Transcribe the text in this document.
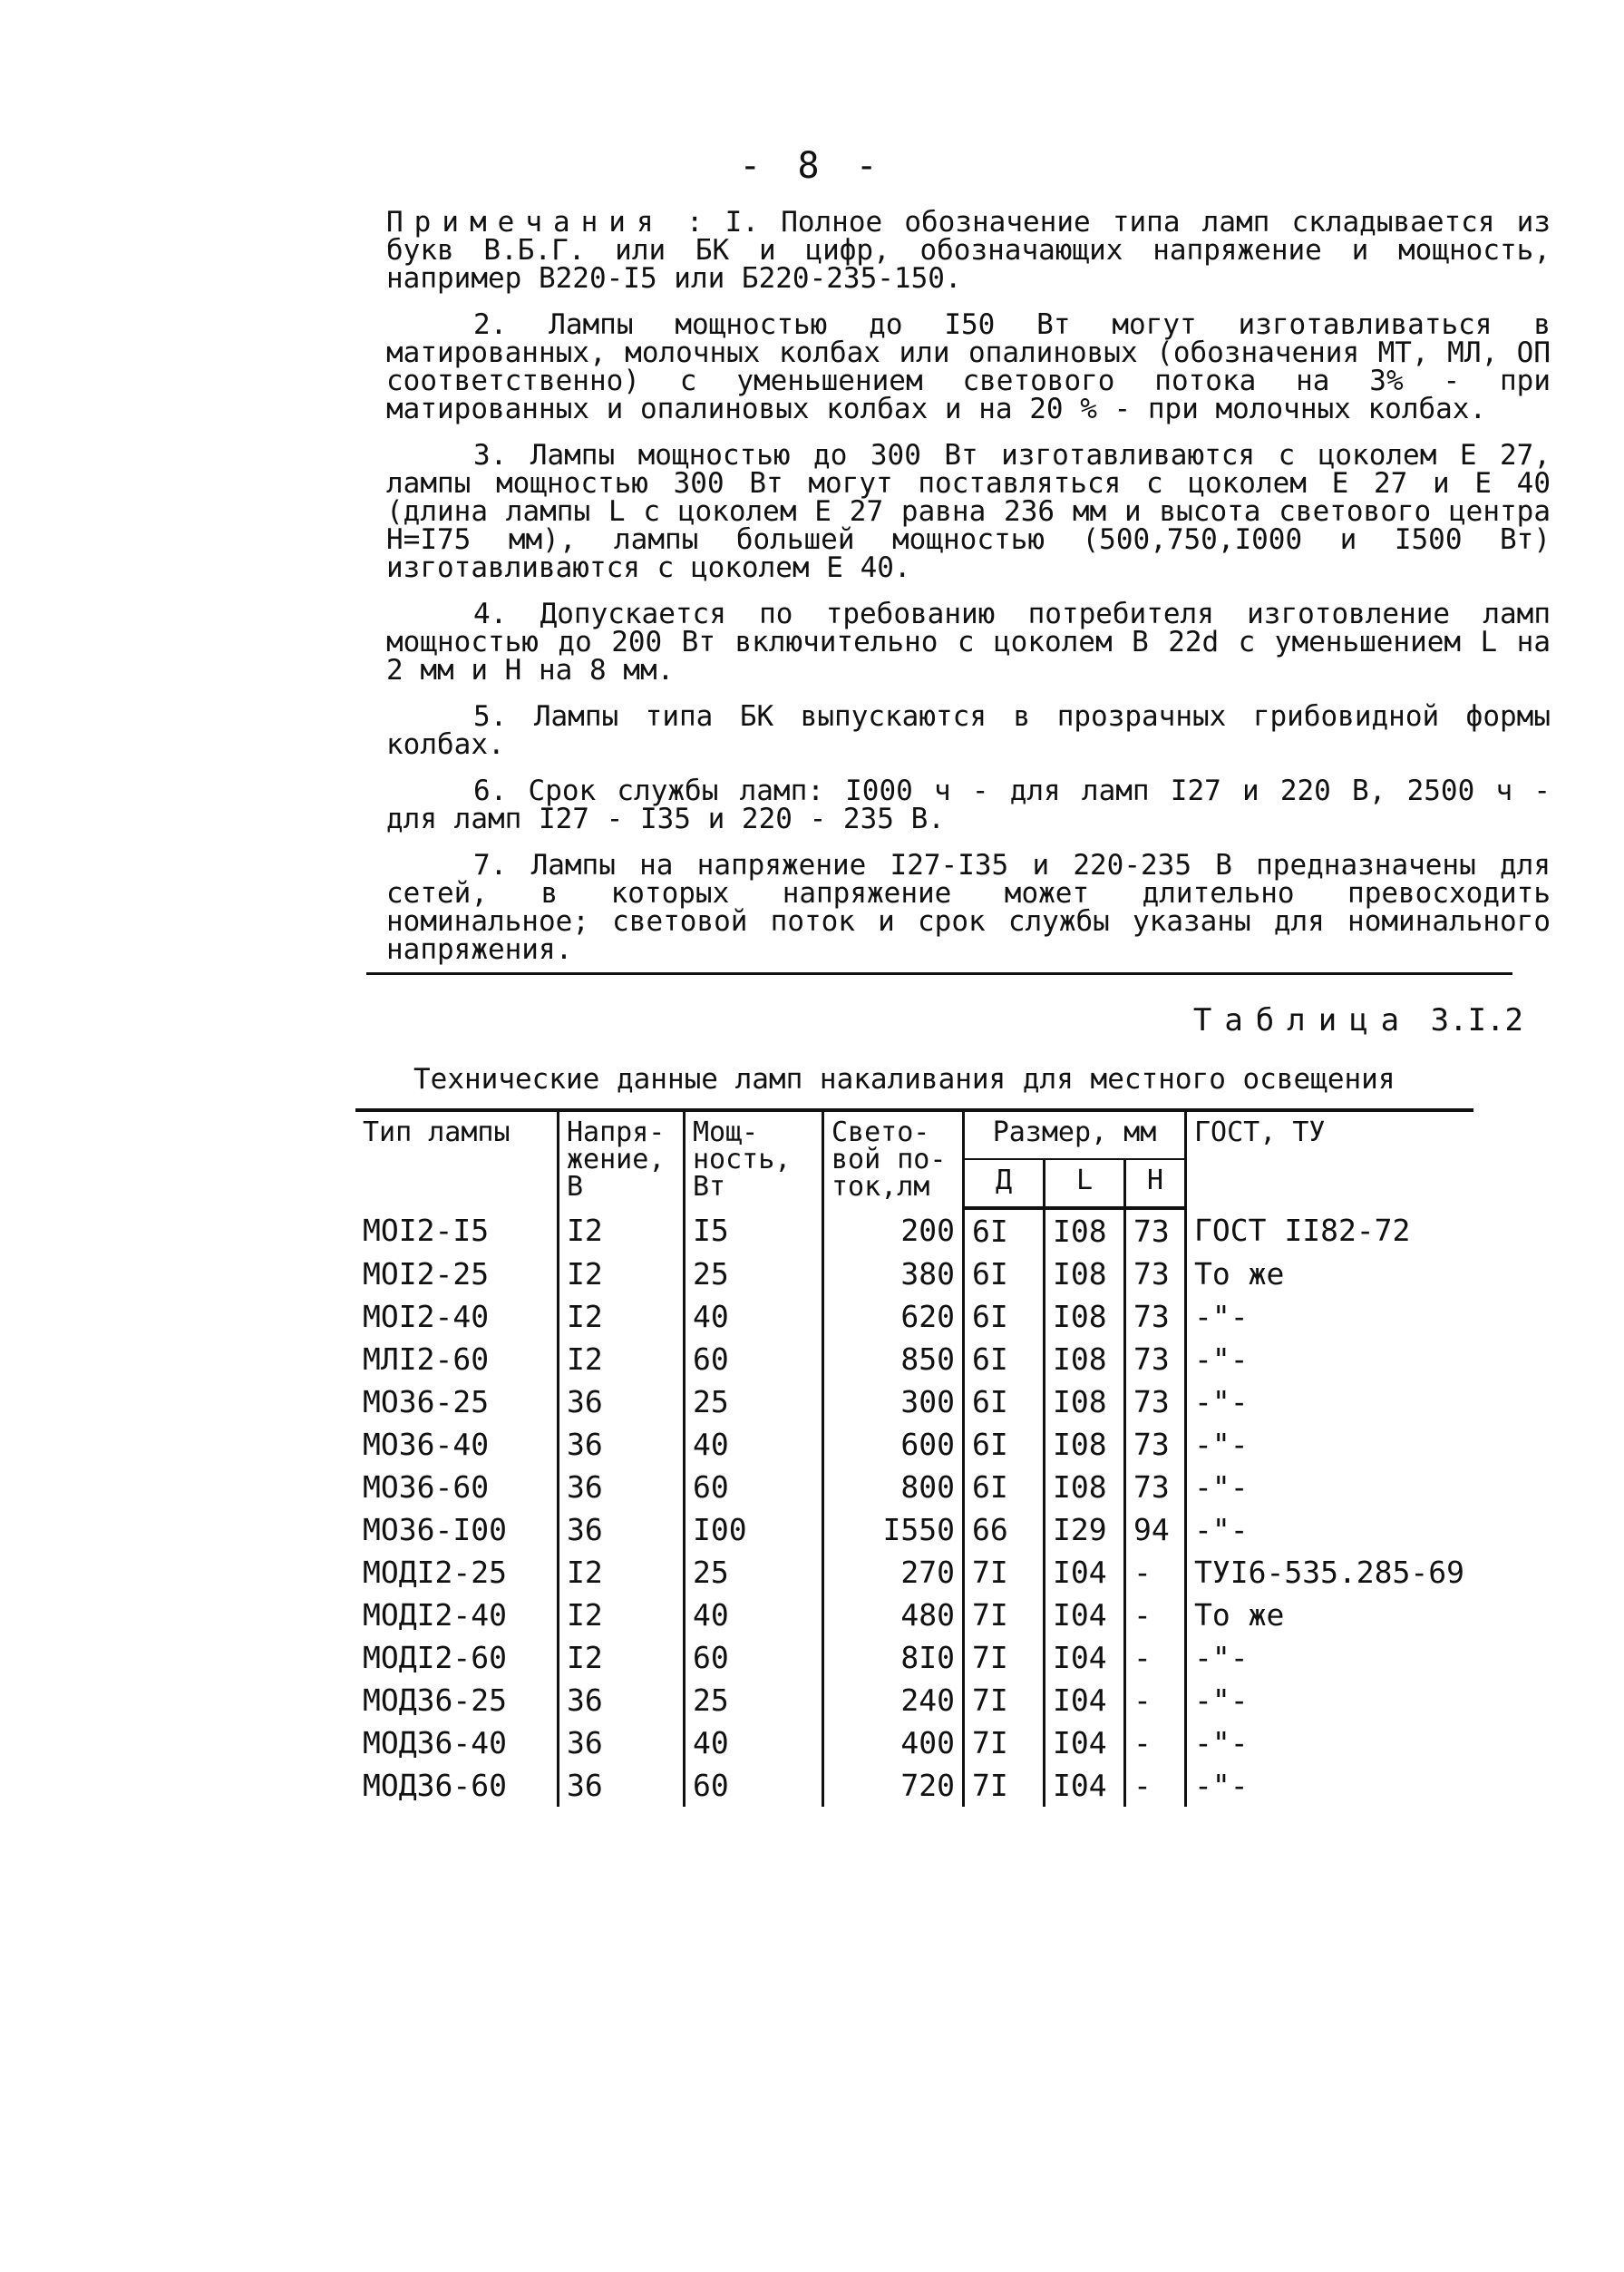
- 8 -

Примечания : I. Полное обозначение типа ламп складывается из букв В.Б.Г. или БК и цифр, обозначающих напряжение и мощность, например В220-I5 или Б220-235-150.

2. Лампы мощностью до I50 Вт могут изготавливаться в матированных, молочных колбах или опалиновых (обозначения МТ, МЛ, ОП соответственно) с уменьшением светового потока на 3% - при матированных и опалиновых колбах и на 20 % - при молочных колбах.

3. Лампы мощностью до 300 Вт изготавливаются с цоколем Е 27, лампы мощностью 300 Вт могут поставляться с цоколем Е 27 и Е 40 (длина лампы L с цоколем Е 27 равна 236 мм и высота светового центра Н=I75 мм), лампы большей мощностью (500,750,I000 и I500 Вт) изготавливаются с цоколем Е 40.

4. Допускается по требованию потребителя изготовление ламп мощностью до 200 Вт включительно с цоколем В 22d с уменьшением L на 2 мм и Н на 8 мм.

5. Лампы типа БК выпускаются в прозрачных грибовидной формы колбах.

6. Срок службы ламп: I000 ч - для ламп I27 и 220 В, 2500 ч - для ламп I27 - I35 и 220 - 235 В.

7. Лампы на напряжение I27-I35 и 220-235 В предназначены для сетей, в которых напряжение может длительно превосходить номинальное; световой поток и срок службы указаны для номинального напряжения.

Таблица 3.I.2
Технические данные ламп накаливания для местного освещения
Тип лампы	Напря-жение, В	Мощ-ность, Вт	Свето-вой по-ток,лм	Размер, мм			ГОСТ, ТУ
				Д	L	Н	
МОI2-I5	I2	I5	200	6I	I08	73	ГОСТ II82-72
МОI2-25	I2	25	380	6I	I08	73	То же
МОI2-40	I2	40	620	6I	I08	73	-"-
МЛI2-60	I2	60	850	6I	I08	73	-"-
МО36-25	36	25	300	6I	I08	73	-"-
МО36-40	36	40	600	6I	I08	73	-"-
МО36-60	36	60	800	6I	I08	73	-"-
МО36-I00	36	I00	I550	66	I29	94	-"-
МОДI2-25	I2	25	270	7I	I04	-	ТУI6-535.285-69
МОДI2-40	I2	40	480	7I	I04	-	То же
МОДI2-60	I2	60	8I0	7I	I04	-	-"-
МОД36-25	36	25	240	7I	I04	-	-"-
МОД36-40	36	40	400	7I	I04	-	-"-
МОД36-60	36	60	720	7I	I04	-	-"-
